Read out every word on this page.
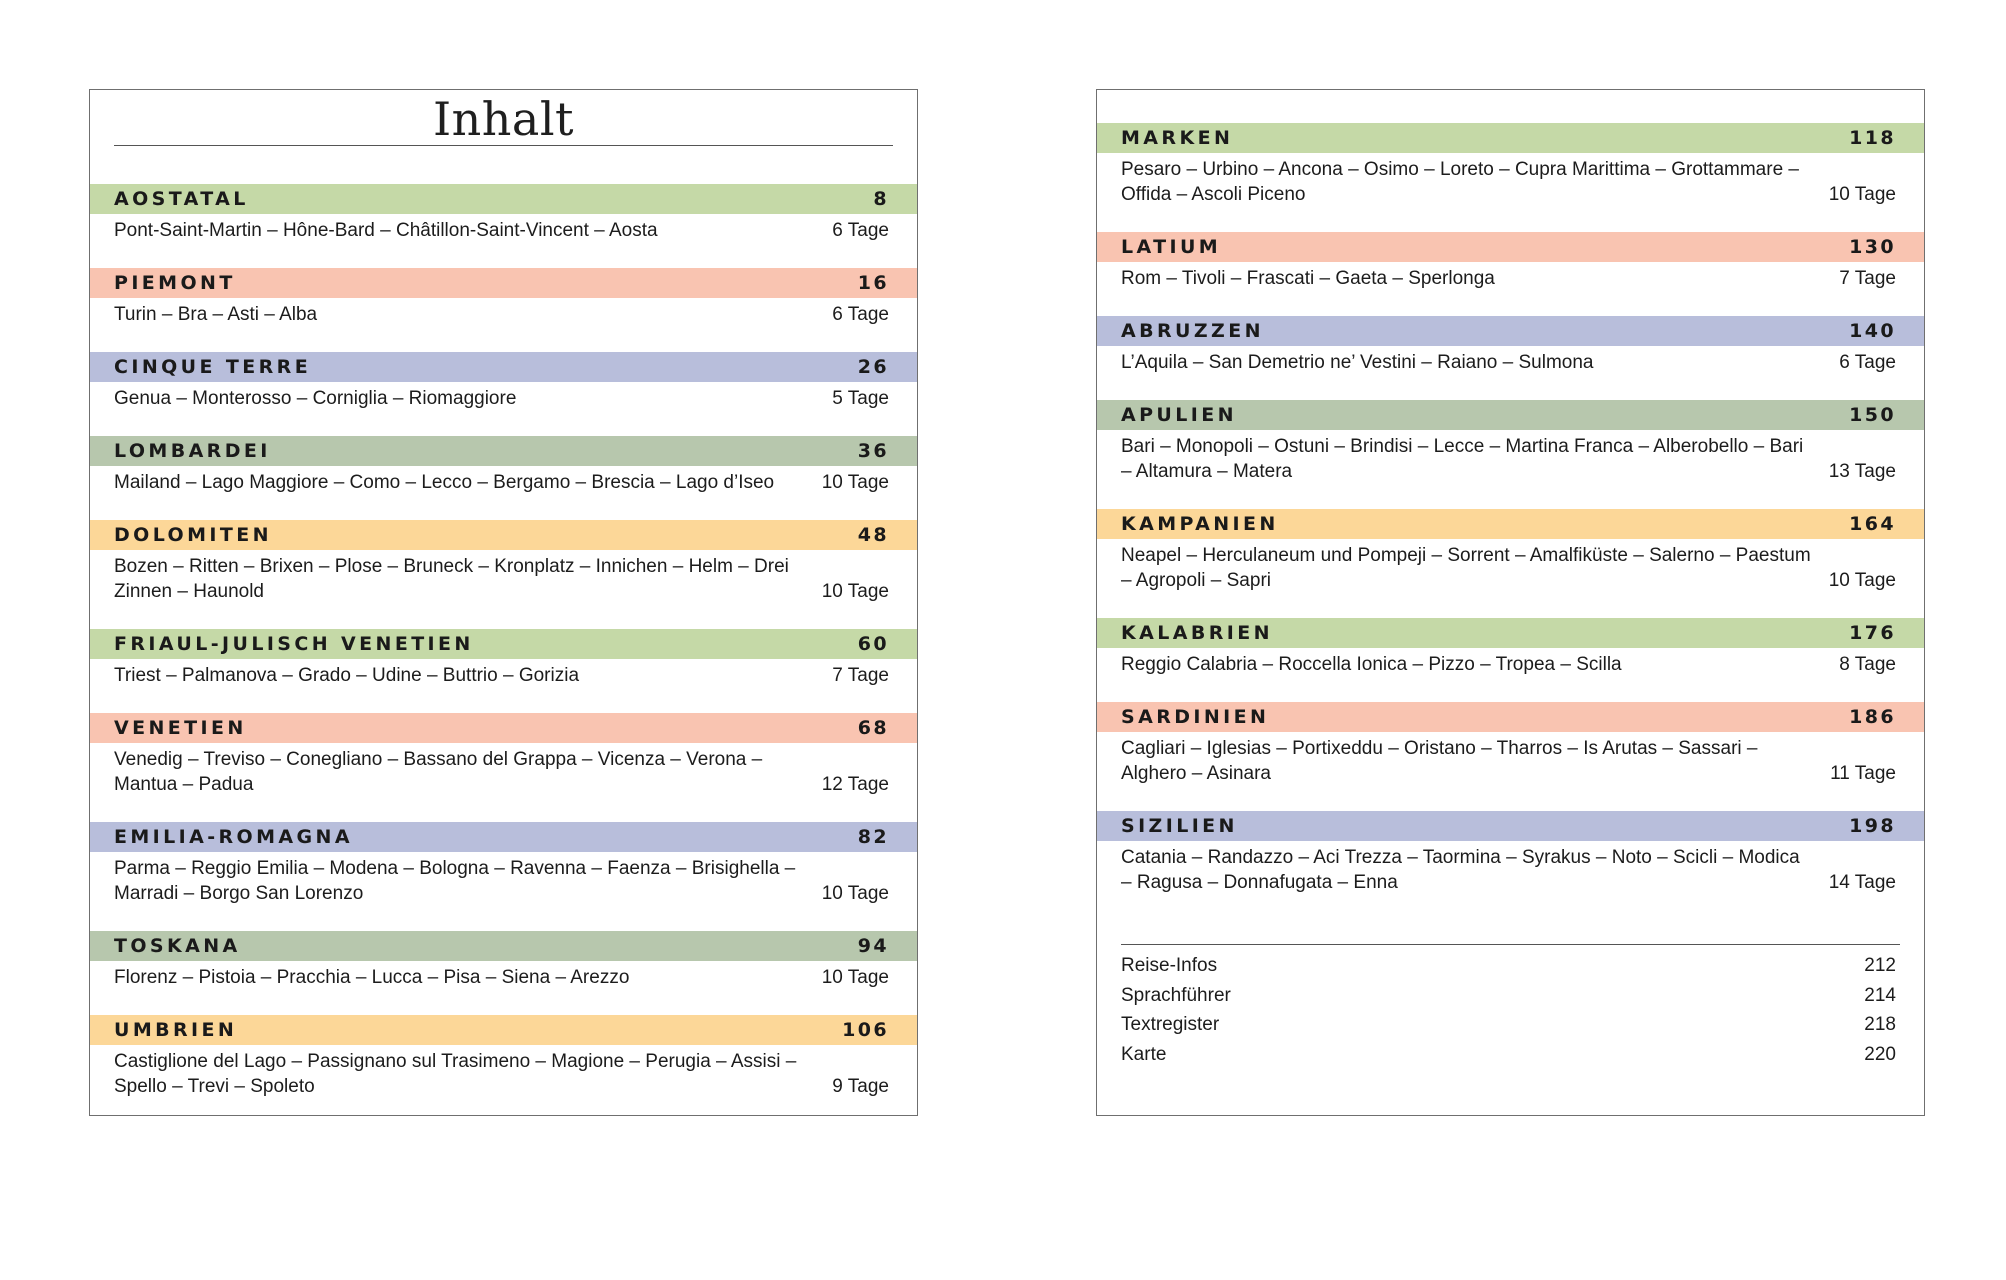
Inhalt
AOSTATAL	8
Pont-Saint-Martin – Hône-Bard – Châtillon-Saint-Vincent – Aosta	6 Tage
PIEMONT	16
Turin – Bra – Asti – Alba	6 Tage
CINQUE TERRE	26
Genua – Monterosso – Corniglia – Riomaggiore	5 Tage
LOMBARDEI	36
Mailand – Lago Maggiore – Como – Lecco – Bergamo – Brescia – Lago d’Iseo	10 Tage
DOLOMITEN	48
Bozen – Ritten – Brixen – Plose – Bruneck – Kronplatz – Innichen – Helm – Drei Zinnen – Haunold	10 Tage
FRIAUL-JULISCH VENETIEN	60
Triest – Palmanova – Grado – Udine – Buttrio – Gorizia	7 Tage
VENETIEN	68
Venedig – Treviso – Conegliano – Bassano del Grappa – Vicenza – Verona – Mantua – Padua	12 Tage
EMILIA-ROMAGNA	82
Parma – Reggio Emilia – Modena – Bologna – Ravenna – Faenza – Brisighella – Marradi – Borgo San Lorenzo	10 Tage
TOSKANA	94
Florenz – Pistoia – Pracchia – Lucca – Pisa – Siena – Arezzo	10 Tage
UMBRIEN	106
Castiglione del Lago – Passignano sul Trasimeno – Magione – Perugia – Assisi – Spello – Trevi – Spoleto	9 Tage
MARKEN	118
Pesaro – Urbino – Ancona – Osimo – Loreto – Cupra Marittima – Grottammare – Offida – Ascoli Piceno	10 Tage
LATIUM	130
Rom – Tivoli – Frascati – Gaeta – Sperlonga	7 Tage
ABRUZZEN	140
L’Aquila – San Demetrio ne’ Vestini – Raiano – Sulmona	6 Tage
APULIEN	150
Bari – Monopoli – Ostuni – Brindisi – Lecce – Martina Franca – Alberobello – Bari – Altamura – Matera	13 Tage
KAMPANIEN	164
Neapel – Herculaneum und Pompeji – Sorrent – Amalfiküste – Salerno – Paestum – Agropoli – Sapri	10 Tage
KALABRIEN	176
Reggio Calabria – Roccella Ionica – Pizzo – Tropea – Scilla	8 Tage
SARDINIEN	186
Cagliari – Iglesias – Portixeddu – Oristano – Tharros – Is Arutas – Sassari – Alghero – Asinara	11 Tage
SIZILIEN	198
Catania – Randazzo – Aci Trezza – Taormina – Syrakus – Noto – Scicli – Modica – Ragusa – Donnafugata – Enna	14 Tage
Reise-Infos	212
Sprachführer	214
Textregister	218
Karte	220
